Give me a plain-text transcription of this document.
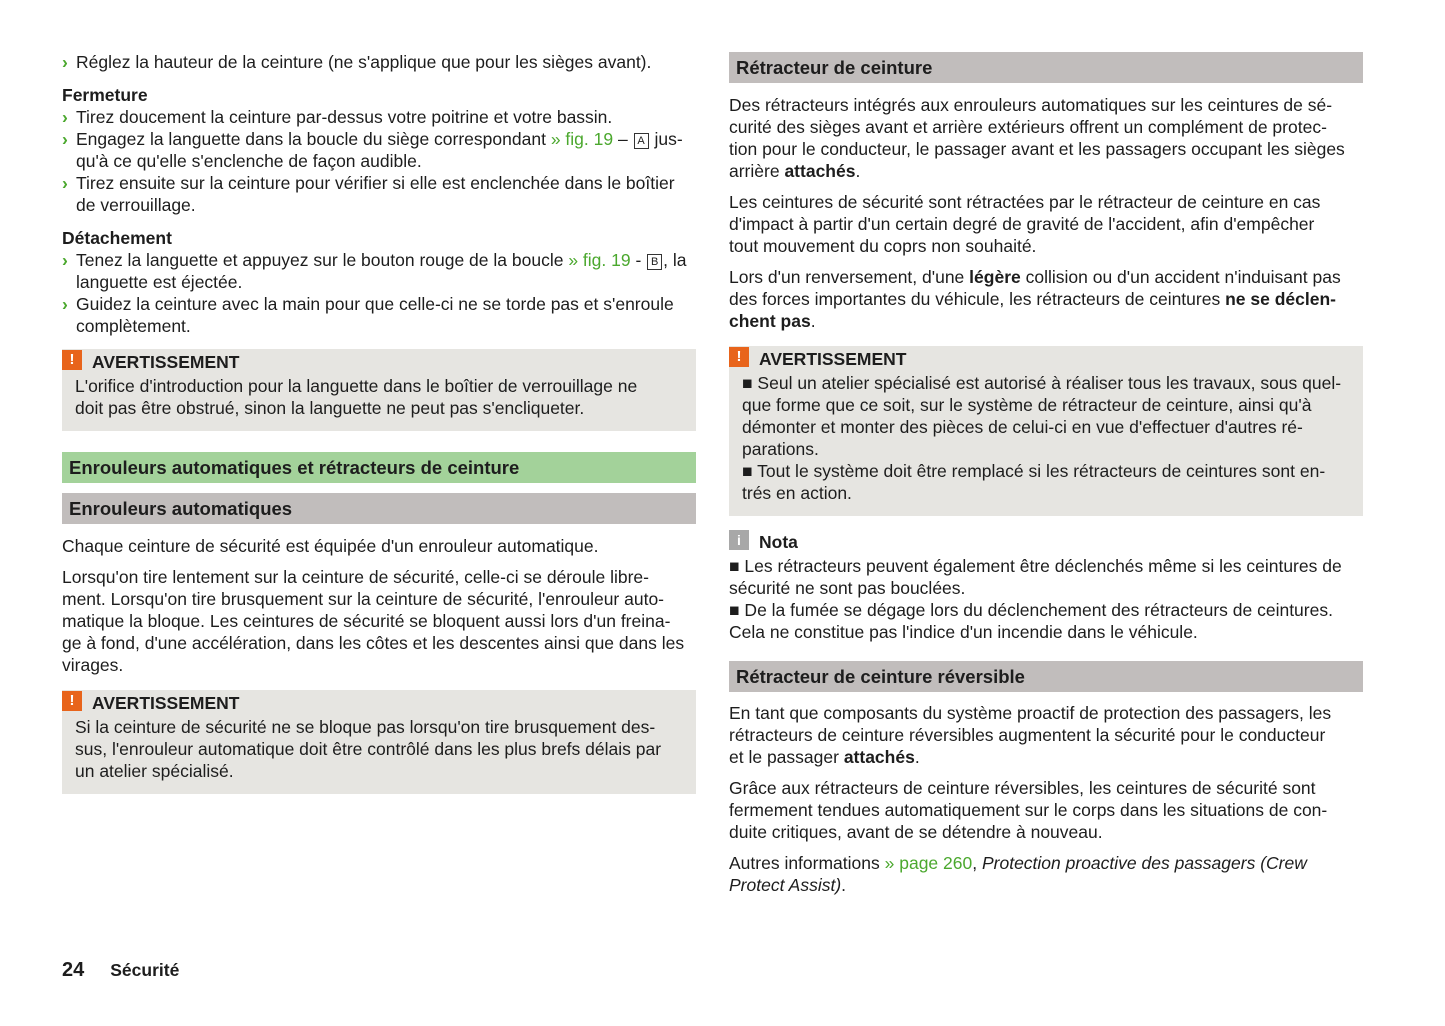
› Réglez la hauteur de la ceinture (ne s'applique que pour les sièges avant).
Fermeture
› Tirez doucement la ceinture par-dessus votre poitrine et votre bassin.
› Engagez la languette dans la boucle du siège correspondant » fig. 19 – A jus-
qu'à ce qu'elle s'enclenche de façon audible.
› Tirez ensuite sur la ceinture pour vérifier si elle est enclenchée dans le boîtier
de verrouillage.
Détachement
› Tenez la languette et appuyez sur le bouton rouge de la boucle » fig. 19 - B , la
languette est éjectée.
› Guidez la ceinture avec la main pour que celle-ci ne se torde pas et s'enroule
complètement.
!	AVERTISSEMENT
L'orifice d'introduction pour la languette dans le boîtier de verrouillage ne
doit pas être obstrué, sinon la languette ne peut pas s'encliqueter.
Enrouleurs automatiques et rétracteurs de ceinture
Enrouleurs automatiques

Chaque ceinture de sécurité est équipée d'un enrouleur automatique.

Lorsqu'on tire lentement sur la ceinture de sécurité, celle-ci se déroule libre-
ment. Lorsqu'on tire brusquement sur la ceinture de sécurité, l'enrouleur auto-
matique la bloque. Les ceintures de sécurité se bloquent aussi lors d'un freina-
ge à fond, d'une accélération, dans les côtes et les descentes ainsi que dans les
virages.

!	AVERTISSEMENT
Si la ceinture de sécurité ne se bloque pas lorsqu'on tire brusquement des-
sus, l'enrouleur automatique doit être contrôlé dans les plus brefs délais par
un atelier spécialisé.
Rétracteur de ceinture

Des rétracteurs intégrés aux enrouleurs automatiques sur les ceintures de sé-
curité des sièges avant et arrière extérieurs offrent un complément de protec-
tion pour le conducteur, le passager avant et les passagers occupant les sièges
arrière attachés.

Les ceintures de sécurité sont rétractées par le rétracteur de ceinture en cas
d'impact à partir d'un certain degré de gravité de l'accident, afin d'empêcher
tout mouvement du coprs non souhaité.

Lors d'un renversement, d'une légère collision ou d'un accident n'induisant pas
des forces importantes du véhicule, les rétracteurs de ceintures ne se déclen-
chent pas.

!	AVERTISSEMENT
■ Seul un atelier spécialisé est autorisé à réaliser tous les travaux, sous quel-
que forme que ce soit, sur le système de rétracteur de ceinture, ainsi qu'à
démonter et monter des pièces de celui-ci en vue d'effectuer d'autres ré-
parations.
■ Tout le système doit être remplacé si les rétracteurs de ceintures sont en-
trés en action.
i	Nota
■ Les rétracteurs peuvent également être déclenchés même si les ceintures de
sécurité ne sont pas bouclées.
■ De la fumée se dégage lors du déclenchement des rétracteurs de ceintures.
Cela ne constitue pas l'indice d'un incendie dans le véhicule.
Rétracteur de ceinture réversible

En tant que composants du système proactif de protection des passagers, les
rétracteurs de ceinture réversibles augmentent la sécurité pour le conducteur
et le passager attachés.

Grâce aux rétracteurs de ceinture réversibles, les ceintures de sécurité sont
fermement tendues automatiquement sur le corps dans les situations de con-
duite critiques, avant de se détendre à nouveau.

Autres informations » page 260, Protection proactive des passagers (Crew
Protect Assist).

24 Sécurité
